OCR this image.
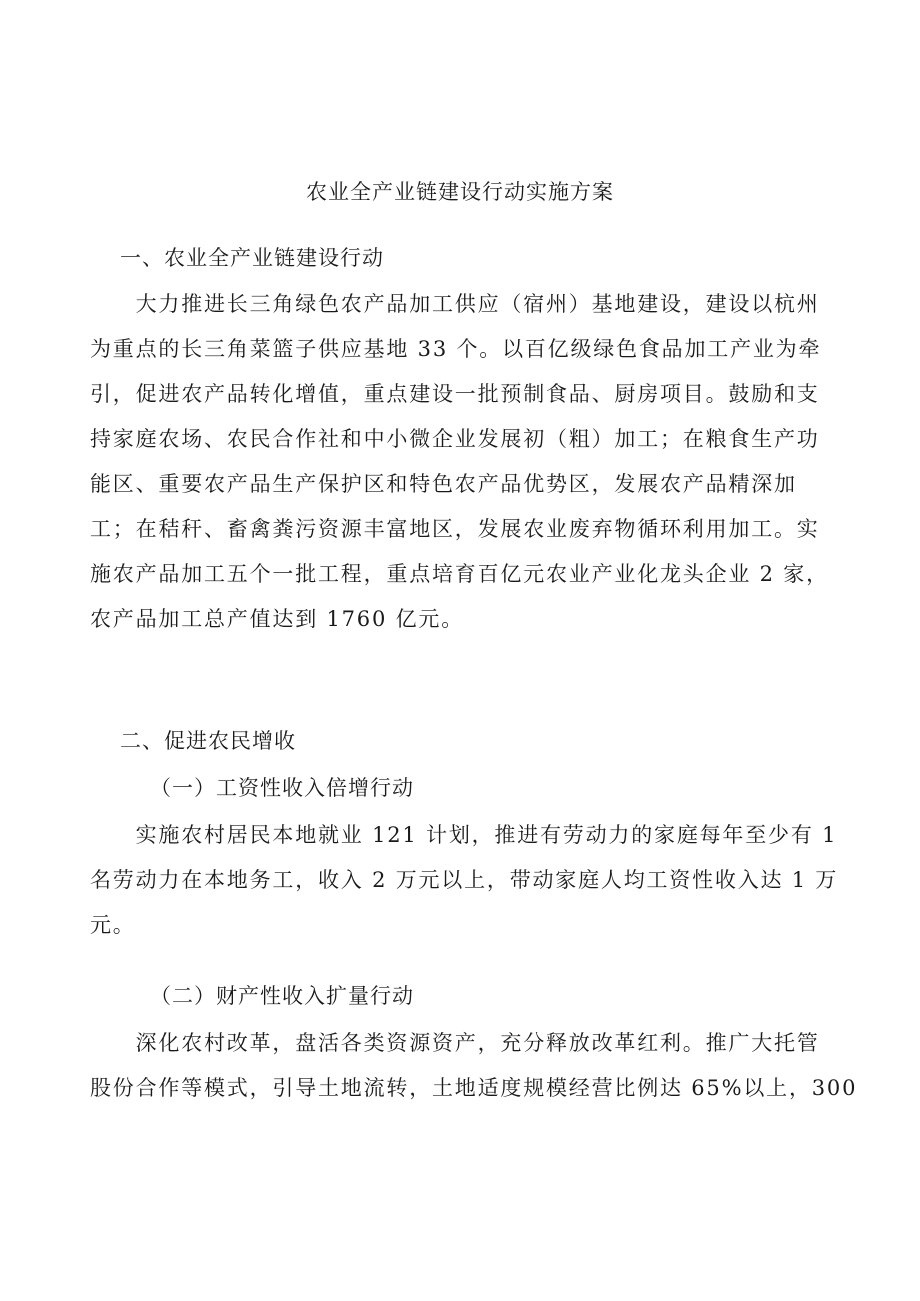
农业全产业链建设行动实施方案
一、农业全产业链建设行动
　　大力推进长三角绿色农产品加工供应（宿州）基地建设，建设以杭州
为重点的长三角菜篮子供应基地 33 个。以百亿级绿色食品加工产业为牵
引，促进农产品转化增值，重点建设一批预制食品、厨房项目。鼓励和支
持家庭农场、农民合作社和中小微企业发展初（粗）加工；在粮食生产功
能区、重要农产品生产保护区和特色农产品优势区，发展农产品精深加
工；在秸秆、畜禽粪污资源丰富地区，发展农业废弃物循环利用加工。实
施农产品加工五个一批工程，重点培育百亿元农业产业化龙头企业 2 家，
农产品加工总产值达到 1760 亿元。
二、促进农民增收
（一）工资性收入倍增行动
　　实施农村居民本地就业 121 计划，推进有劳动力的家庭每年至少有 1
名劳动力在本地务工，收入 2 万元以上，带动家庭人均工资性收入达 1 万
元。
（二）财产性收入扩量行动
　　深化农村改革，盘活各类资源资产，充分释放改革红利。推广大托管
股份合作等模式，引导土地流转，土地适度规模经营比例达 65%以上，300
